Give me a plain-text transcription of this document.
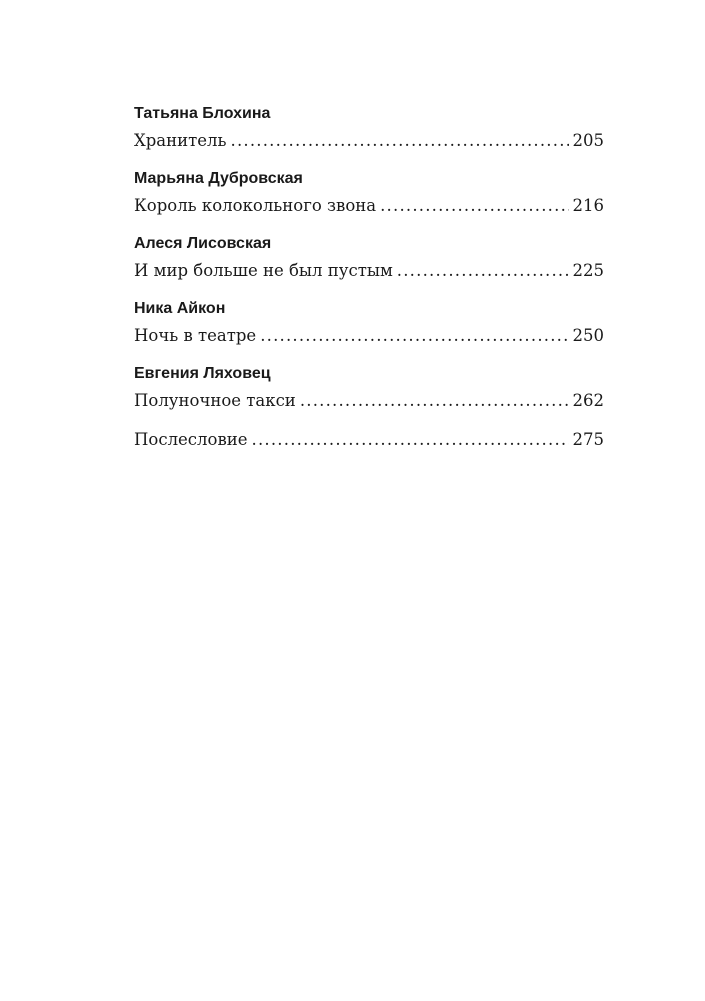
Татьяна Блохина
Хранитель .....	205
Марьяна Дубровская
Король колокольного звона .....	216
Алеся Лисовская
И мир больше не был пустым .....	225
Ника Айкон
Ночь в театре .....	250
Евгения Ляховец
Полуночное такси .....	262
Послесловие .....	275
